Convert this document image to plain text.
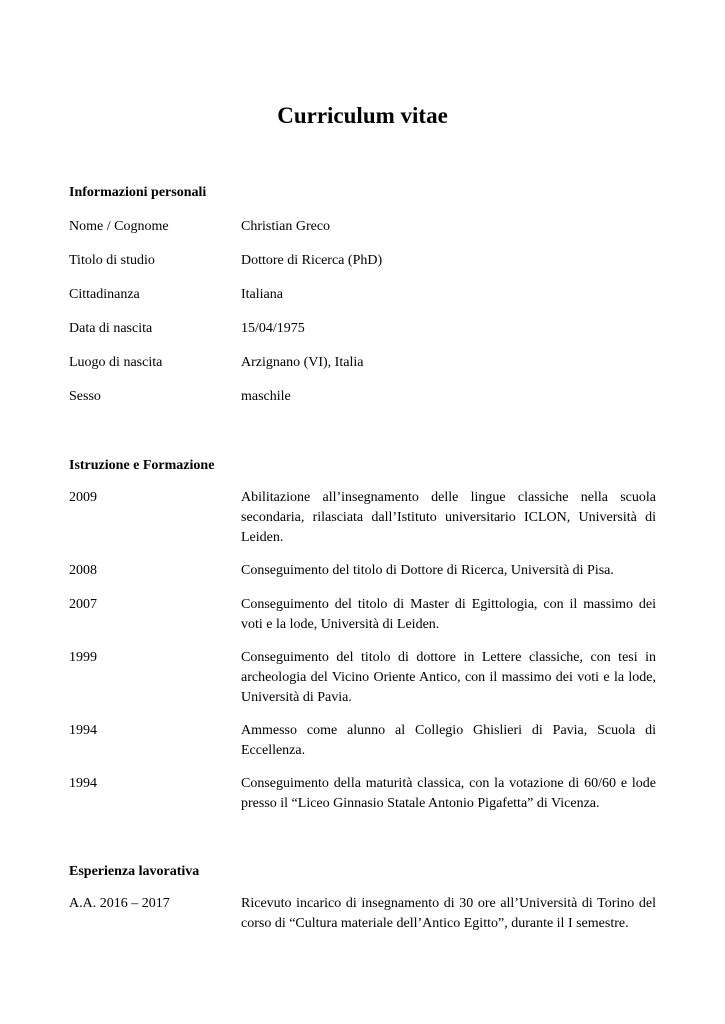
Curriculum vitae
Informazioni personali
Nome / Cognome	Christian Greco
Titolo di studio	Dottore di Ricerca (PhD)
Cittadinanza	Italiana
Data di nascita	15/04/1975
Luogo di nascita	Arzignano (VI), Italia
Sesso	maschile
Istruzione e Formazione
2009	Abilitazione all’insegnamento delle lingue classiche nella scuola secondaria, rilasciata dall’Istituto universitario ICLON, Università di Leiden.
2008	Conseguimento del titolo di Dottore di Ricerca, Università di Pisa.
2007	Conseguimento del titolo di Master di Egittologia, con il massimo dei voti e la lode, Università di Leiden.
1999	Conseguimento del titolo di dottore in Lettere classiche, con tesi in archeologia del Vicino Oriente Antico, con il massimo dei voti e la lode, Università di Pavia.
1994	Ammesso come alunno al Collegio Ghislieri di Pavia, Scuola di Eccellenza.
1994	Conseguimento della maturità classica, con la votazione di 60/60 e lode presso il “Liceo Ginnasio Statale Antonio Pigafetta” di Vicenza.
Esperienza lavorativa
A.A. 2016 – 2017	Ricevuto incarico di insegnamento di 30 ore all’Università di Torino del corso di “Cultura materiale dell’Antico Egitto”, durante il I semestre.
